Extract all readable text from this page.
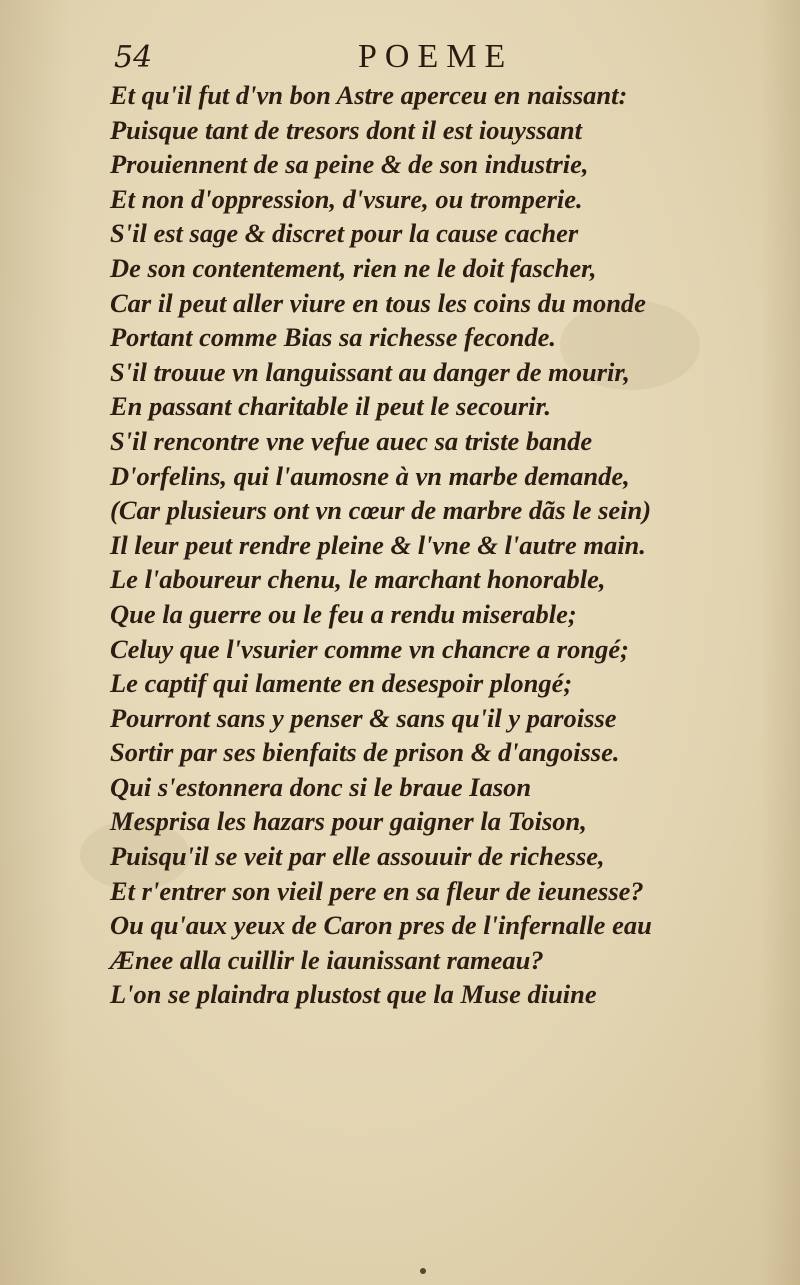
54	POEME
Et qu'il fut d'vn bon Astre aperceu en naissant:
Puisque tant de tresors dont il est iouyssant
Prouiennent de sa peine & de son industrie,
Et non d'oppression, d'vsure, ou tromperie.
S'il est sage & discret pour la cause cacher
De son contentement, rien ne le doit fascher,
Car il peut aller viure en tous les coins du monde
Portant comme Bias sa richesse feconde.
S'il trouue vn languissant au danger de mourir,
En passant charitable il peut le secourir.
S'il rencontre vne vefue auec sa triste bande
D'orfelins, qui l'aumosne à vn marbe demande,
(Car plusieurs ont vn cœur de marbre dãs le sein)
Il leur peut rendre pleine & l'vne & l'autre main.
Le l'aboureur chenu, le marchant honorable,
Que la guerre ou le feu a rendu miserable;
Celuy que l'vsurier comme vn chancre a rongé;
Le captif qui lamente en desespoir plongé;
Pourront sans y penser & sans qu'il y paroisse
Sortir par ses bienfaits de prison & d'angoisse.
Qui s'estonnera donc si le braue Iason
Mesprisa les hazars pour gaigner la Toison,
Puisqu'il se veit par elle assouuir de richesse,
Et r'entrer son vieil pere en sa fleur de ieunesse?
Ou qu'aux yeux de Caron pres de l'infernalle eau
Ænee alla cuillir le iaunissant rameau?
L'on se plaindra plustost que la Muse diuine
